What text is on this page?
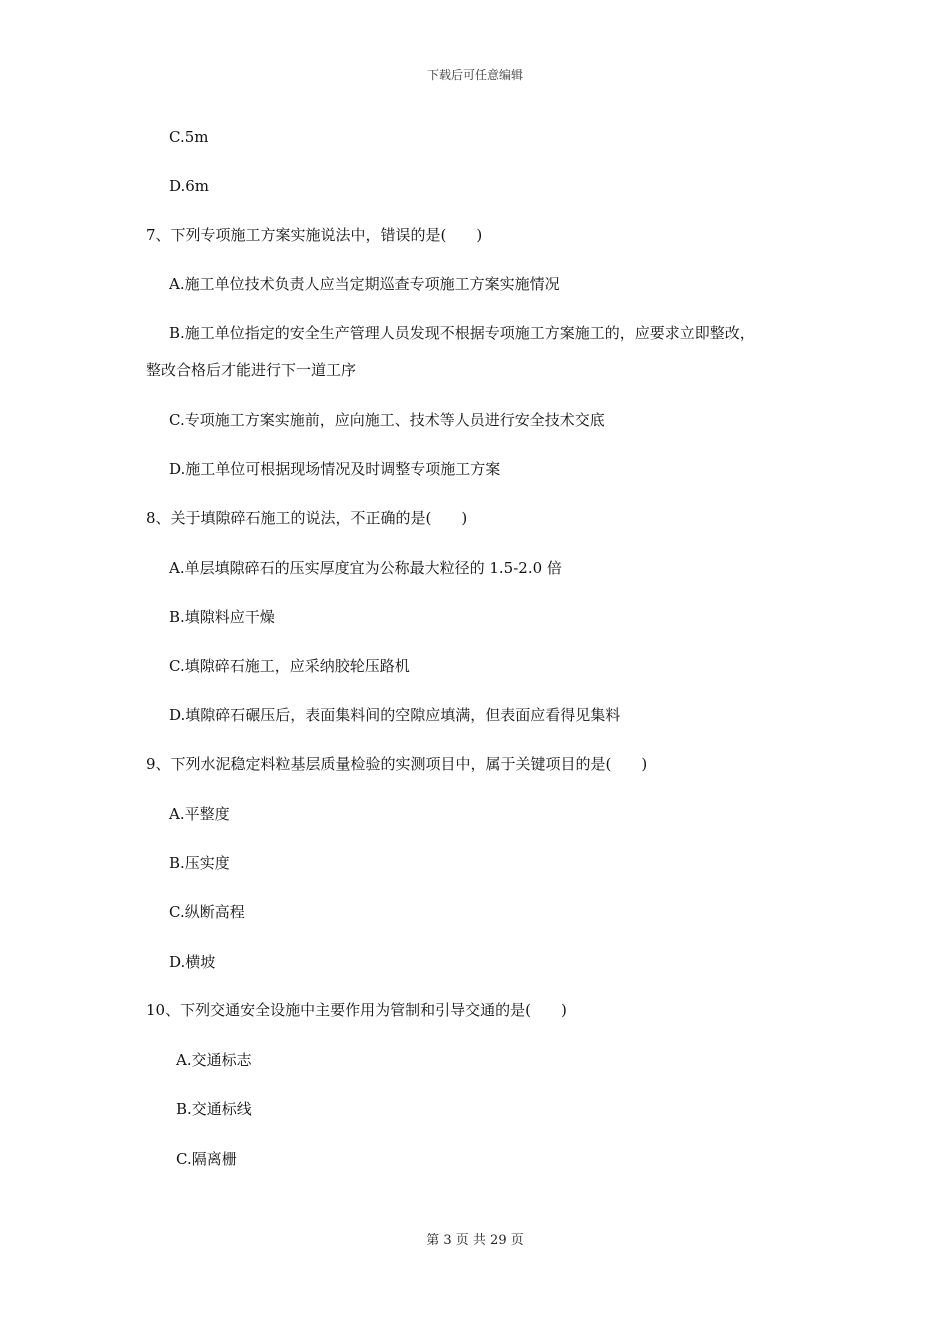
下载后可任意编辑
C.5m
D.6m
7、下列专项施工方案实施说法中，错误的是(　　)
A.施工单位技术负责人应当定期巡查专项施工方案实施情况
B.施工单位指定的安全生产管理人员发现不根据专项施工方案施工的，应要求立即整改，
整改合格后才能进行下一道工序
C.专项施工方案实施前，应向施工、技术等人员进行安全技术交底
D.施工单位可根据现场情况及时调整专项施工方案
8、关于填隙碎石施工的说法，不正确的是(　　)
A.单层填隙碎石的压实厚度宜为公称最大粒径的 1.5-2.0 倍
B.填隙料应干燥
C.填隙碎石施工，应采纳胶轮压路机
D.填隙碎石碾压后，表面集料间的空隙应填满，但表面应看得见集料
9、下列水泥稳定料粒基层质量检验的实测项目中，属于关键项目的是(　　)
A.平整度
B.压实度
C.纵断高程
D.横坡
10、下列交通安全设施中主要作用为管制和引导交通的是(　　)
A.交通标志
B.交通标线
C.隔离栅
第 3 页 共 29 页
